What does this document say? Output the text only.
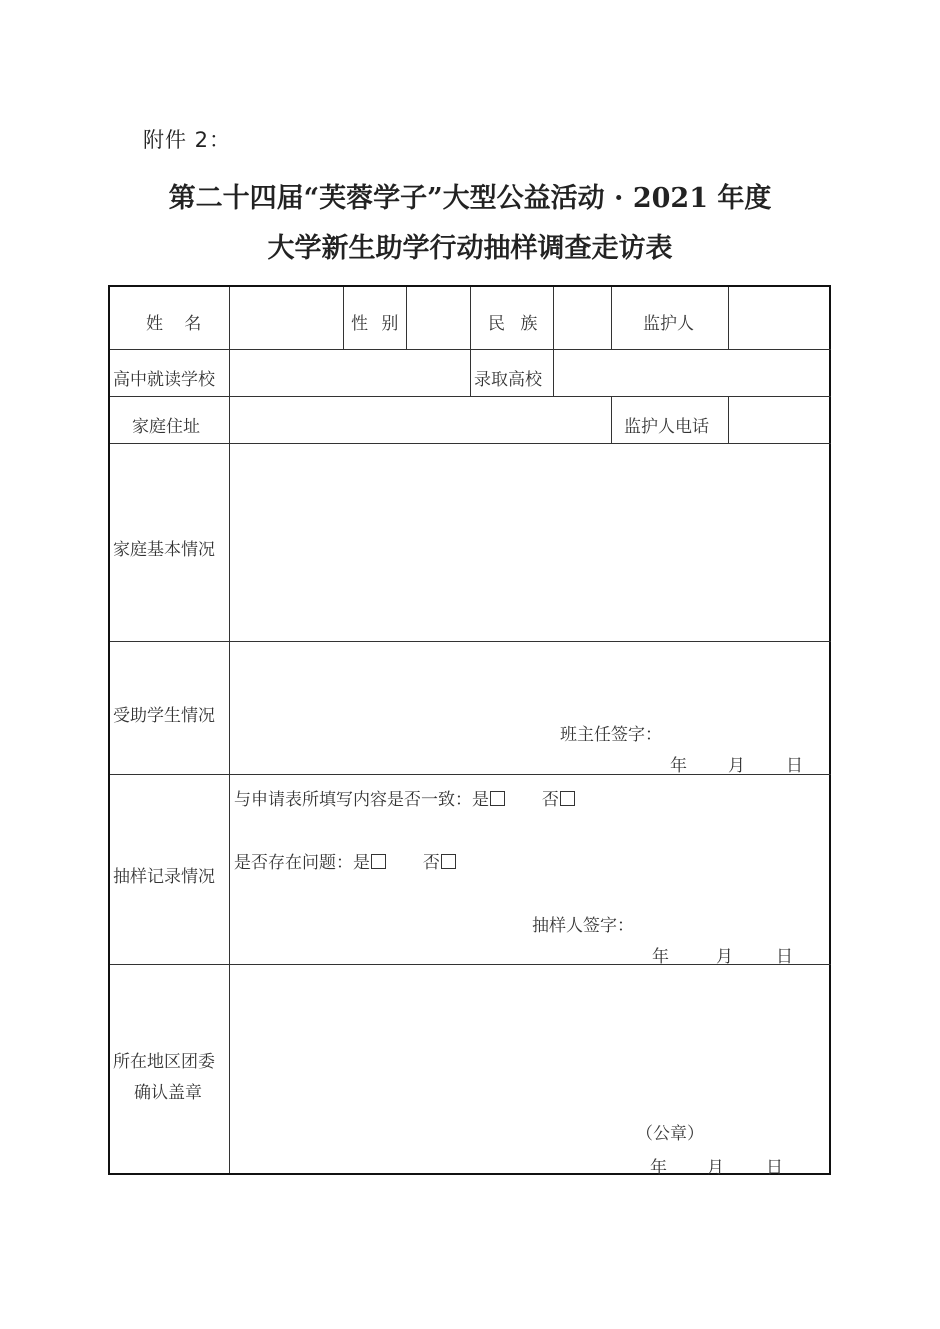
附件 2：
第二十四届“芙蓉学子”大型公益活动 · 2021 年度
大学新生助学行动抽样调查走访表
姓 名	性 别	民 族	监护人
高中就读学校	录取高校
家庭住址	监护人电话
家庭基本情况
受助学生情况
班主任签字：
年 月 日
抽样记录情况
与申请表所填写内容是否一致：是	否
是否存在问题：是	否
抽样人签字：
年	月	日
所在地区团委
确认盖章
（公章）
年 月 日
